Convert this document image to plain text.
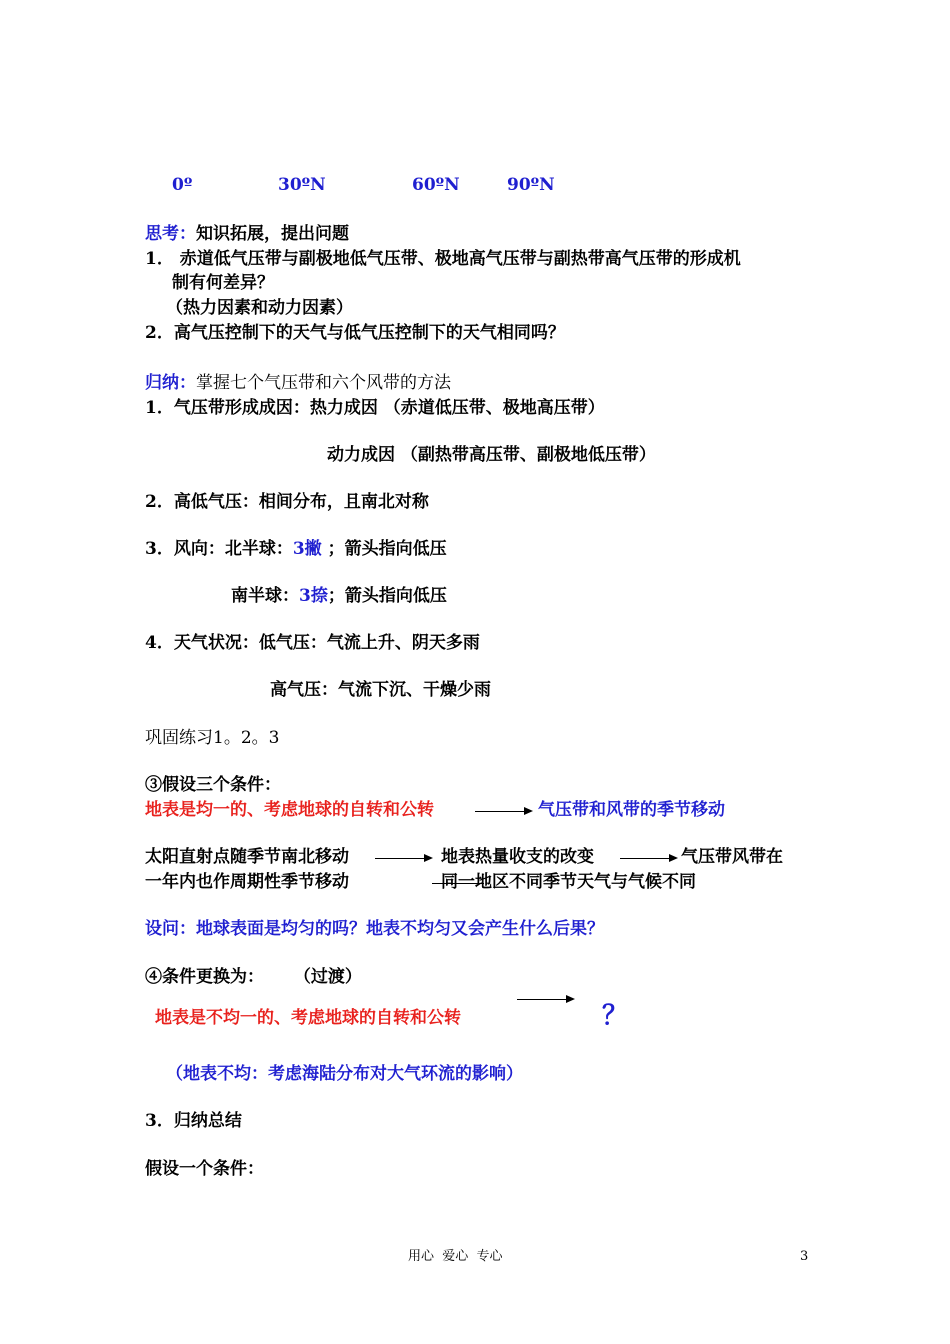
0º	30ºN	60ºN	90ºN
思考：知识拓展，提出问题
1． 赤道低气压带与副极地低气压带、极地高气压带与副热带高气压带的形成机
制有何差异？
（热力因素和动力因素）
2．高气压控制下的天气与低气压控制下的天气相同吗？
归纳：掌握七个气压带和六个风带的方法
1．气压带形成成因：热力成因 （赤道低压带、极地高压带）
动力成因 （副热带高压带、副极地低压带）
2．高低气压：相间分布，且南北对称
3．风向：北半球：3撇 ；箭头指向低压
南半球：3捺；箭头指向低压
4．天气状况：低气压：气流上升、阴天多雨
高气压：气流下沉、干燥少雨
巩固练习1。2。3
③假设三个条件：
地表是均一的、考虑地球的自转和公转	气压带和风带的季节移动
太阳直射点随季节南北移动	地表热量收支的改变	气压带风带在
一年内也作周期性季节移动	同一地区不同季节天气与气候不同
设问：地球表面是均匀的吗？地表不均匀又会产生什么后果？
④条件更换为： （过渡）
地表是不均一的、考虑地球的自转和公转	？
（地表不均：考虑海陆分布对大气环流的影响）
3．归纳总结
假设一个条件：
用心  爱心  专心	3
